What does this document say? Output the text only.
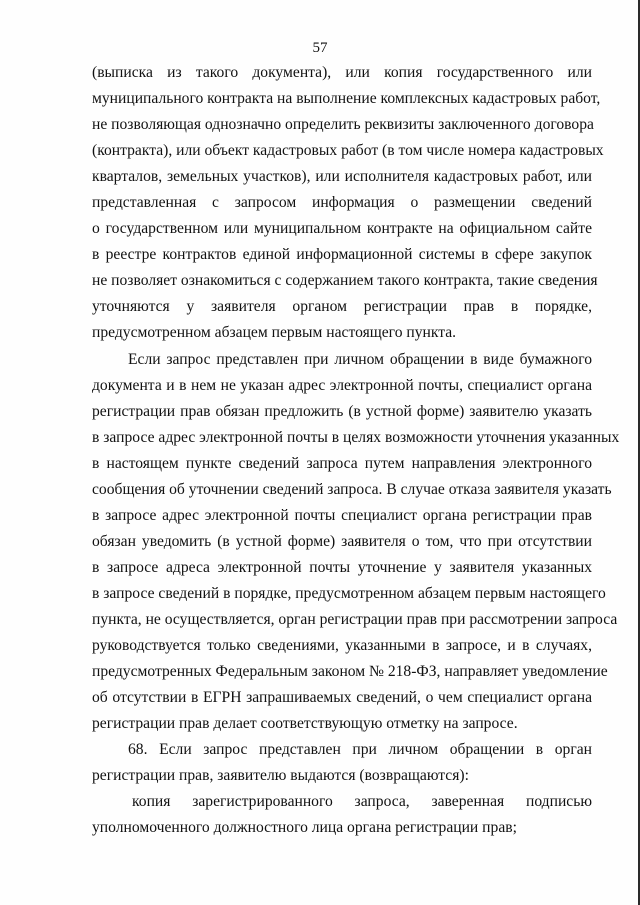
57
(выписка из такого документа), или копия государственного или
муниципального контракта на выполнение комплексных кадастровых работ,
не позволяющая однозначно определить реквизиты заключенного договора
(контракта), или объект кадастровых работ (в том числе номера кадастровых
кварталов, земельных участков), или исполнителя кадастровых работ, или
представленная с запросом информация о размещении сведений
о государственном или муниципальном контракте на официальном сайте
в реестре контрактов единой информационной системы в сфере закупок
не позволяет ознакомиться с содержанием такого контракта, такие сведения
уточняются у заявителя органом регистрации прав в порядке,
предусмотренном абзацем первым настоящего пункта.
Если запрос представлен при личном обращении в виде бумажного
документа и в нем не указан адрес электронной почты, специалист органа
регистрации прав обязан предложить (в устной форме) заявителю указать
в запросе адрес электронной почты в целях возможности уточнения указанных
в настоящем пункте сведений запроса путем направления электронного
сообщения об уточнении сведений запроса. В случае отказа заявителя указать
в запросе адрес электронной почты специалист органа регистрации прав
обязан уведомить (в устной форме) заявителя о том, что при отсутствии
в запросе адреса электронной почты уточнение у заявителя указанных
в запросе сведений в порядке, предусмотренном абзацем первым настоящего
пункта, не осуществляется, орган регистрации прав при рассмотрении запроса
руководствуется только сведениями, указанными в запросе, и в случаях,
предусмотренных Федеральным законом № 218-ФЗ, направляет уведомление
об отсутствии в ЕГРН запрашиваемых сведений, о чем специалист органа
регистрации прав делает соответствующую отметку на запросе.
68. Если запрос представлен при личном обращении в орган
регистрации прав, заявителю выдаются (возвращаются):
копия зарегистрированного запроса, заверенная подписью
уполномоченного должностного лица органа регистрации прав;
